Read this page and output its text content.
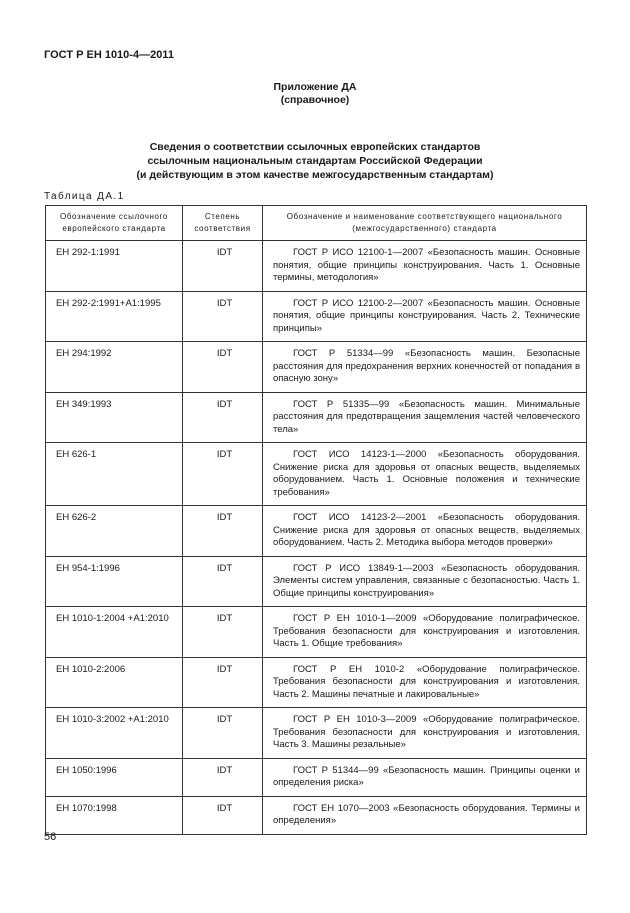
ГОСТ Р ЕН 1010-4—2011
Приложение ДА
(справочное)
Сведения о соответствии ссылочных европейских стандартов
ссылочным национальным стандартам Российской Федерации
(и действующим в этом качестве межгосударственным стандартам)
Таблица ДА.1
Обозначение ссылочного европейского стандарта	Степень соответствия	Обозначение и наименование соответствующего национального (межгосударственного) стандарта
ЕН 292-1:1991	IDT	ГОСТ Р ИСО 12100-1—2007 «Безопасность машин. Основные понятия, общие принципы конструирования. Часть 1. Основные термины, методология»

ЕН 292-2:1991+А1:1995	IDT	ГОСТ Р ИСО 12100-2—2007 «Безопасность машин. Основные понятия, общие принципы конструирования. Часть 2. Технические принципы»

ЕН 294:1992	IDT	ГОСТ Р 51334—99 «Безопасность машин. Безопасные расстояния для предохранения верхних конечностей от попадания в опасную зону»

ЕН 349:1993	IDT	ГОСТ Р 51335—99 «Безопасность машин. Минимальные расстояния для предотвращения защемления частей человеческого тела»

ЕН 626-1	IDT	ГОСТ ИСО 14123-1—2000 «Безопасность оборудования. Снижение риска для здоровья от опасных веществ, выделяемых оборудованием. Часть 1. Основные положения и технические требования»

ЕН 626-2	IDT	ГОСТ ИСО 14123-2—2001 «Безопасность оборудования. Снижение риска для здоровья от опасных веществ, выделяемых оборудованием. Часть 2. Методика выбора методов проверки»

ЕН 954-1:1996	IDT	ГОСТ Р ИСО 13849-1—2003 «Безопасность оборудования. Элементы систем управления, связанные с безопасностью. Часть 1. Общие принципы конструирования»

ЕН 1010-1:2004 +А1:2010	IDT	ГОСТ Р ЕН 1010-1—2009 «Оборудование полиграфическое. Требования безопасности для конструирования и изготовления. Часть 1. Общие требования»

ЕН 1010-2:2006	IDT	ГОСТ Р ЕН 1010-2 «Оборудование полиграфическое. Требования безопасности для конструирования и изготовления. Часть 2. Машины печатные и лакировальные»

ЕН 1010-3:2002 +А1:2010	IDT	ГОСТ Р ЕН 1010-3—2009 «Оборудование полиграфическое. Требования безопасности для конструирования и изготовления. Часть 3. Машины резальные»

ЕН 1050:1996	IDT	ГОСТ Р 51344—99 «Безопасность машин. Принципы оценки и определения риска»

ЕН 1070:1998	IDT	ГОСТ ЕН 1070—2003 «Безопасность оборудования. Термины и определения»
56
